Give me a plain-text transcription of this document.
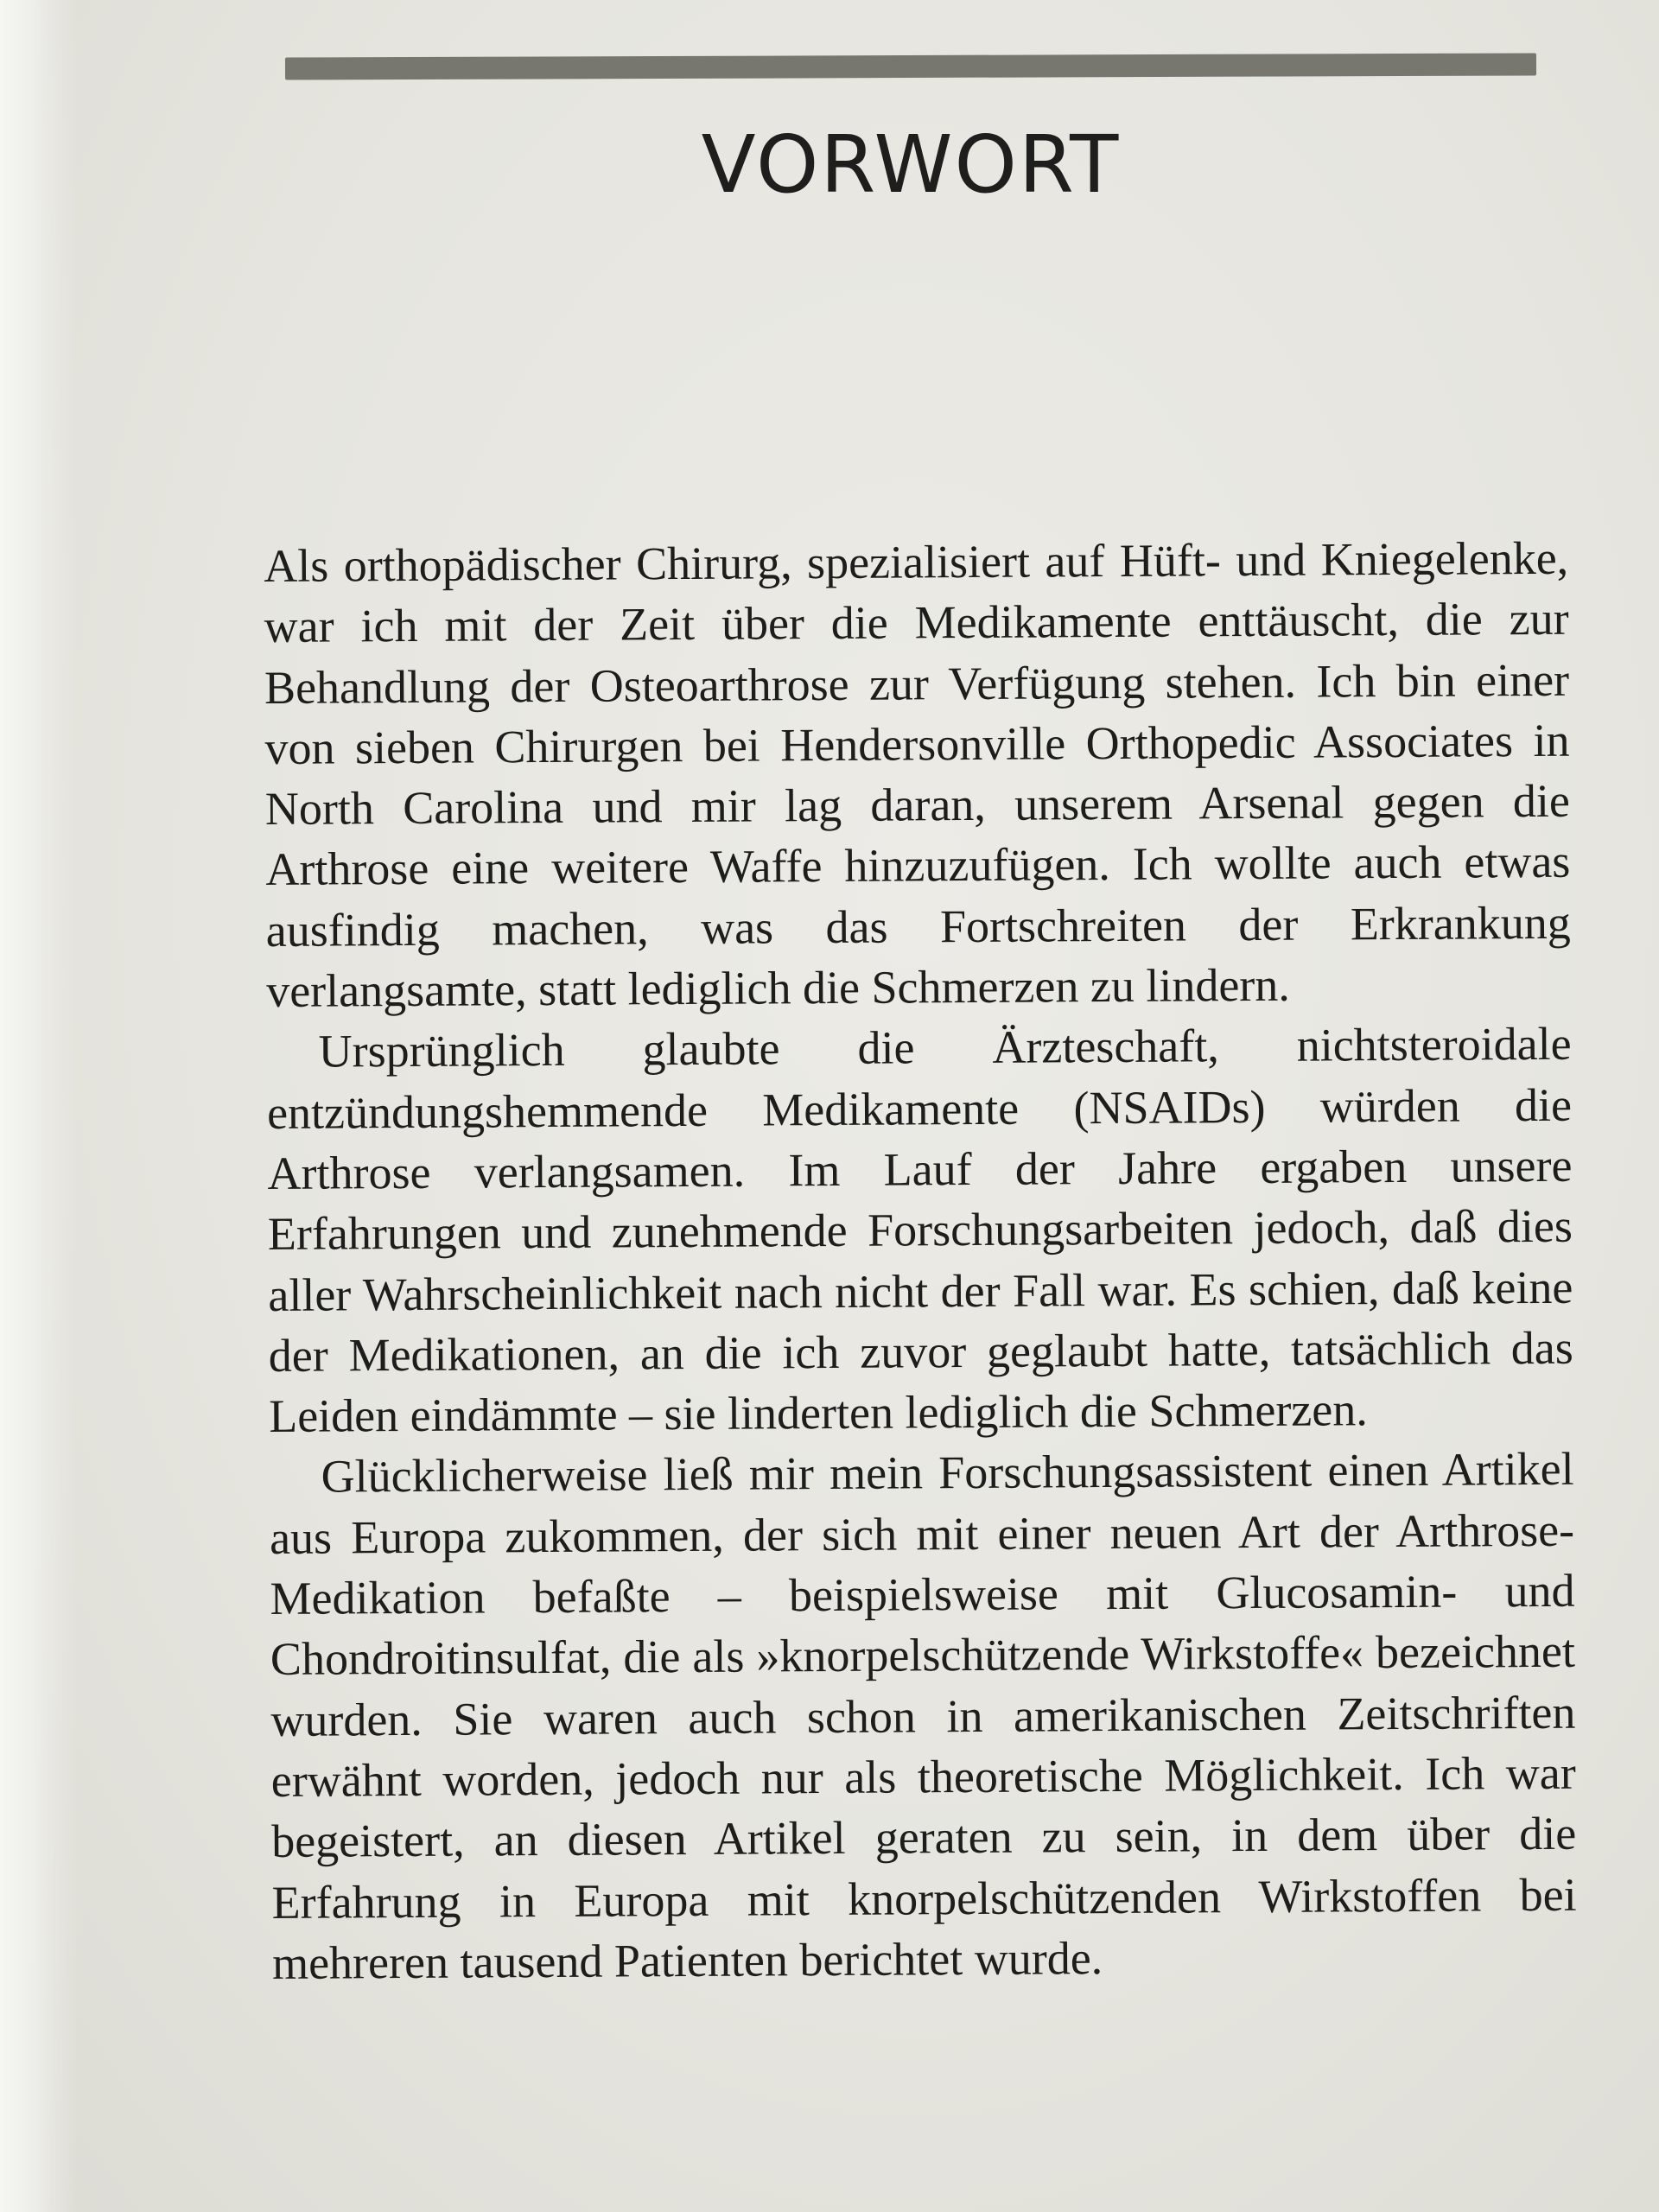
VORWORT

Als orthopädischer Chirurg, spezialisiert auf Hüft- und Kniegelenke, war ich mit der Zeit über die Medikamente enttäuscht, die zur Behandlung der Osteoarthrose zur Verfügung stehen. Ich bin einer von sieben Chirurgen bei Hendersonville Orthopedic Associates in North Carolina und mir lag daran, unserem Arsenal gegen die Arthrose eine weitere Waffe hinzuzufügen. Ich wollte auch etwas ausfindig machen, was das Fortschreiten der Erkrankung verlangsamte, statt lediglich die Schmerzen zu lindern.

Ursprünglich glaubte die Ärzteschaft, nichtsteroidale entzündungshemmende Medikamente (NSAIDs) würden die Arthrose verlangsamen. Im Lauf der Jahre ergaben unsere Erfahrungen und zunehmende Forschungsarbeiten jedoch, daß dies aller Wahrscheinlichkeit nach nicht der Fall war. Es schien, daß keine der Medikationen, an die ich zuvor geglaubt hatte, tatsächlich das Leiden eindämmte – sie linderten lediglich die Schmerzen.

Glücklicherweise ließ mir mein Forschungsassistent einen Artikel aus Europa zukommen, der sich mit einer neuen Art der Arthrose-Medikation befaßte – beispielsweise mit Glucosamin- und Chondroitinsulfat, die als »knorpelschützende Wirkstoffe« bezeichnet wurden. Sie waren auch schon in amerikanischen Zeitschriften erwähnt worden, jedoch nur als theoretische Möglichkeit. Ich war begeistert, an diesen Artikel geraten zu sein, in dem über die Erfahrung in Europa mit knorpelschützenden Wirkstoffen bei mehreren tausend Patienten berichtet wurde.
